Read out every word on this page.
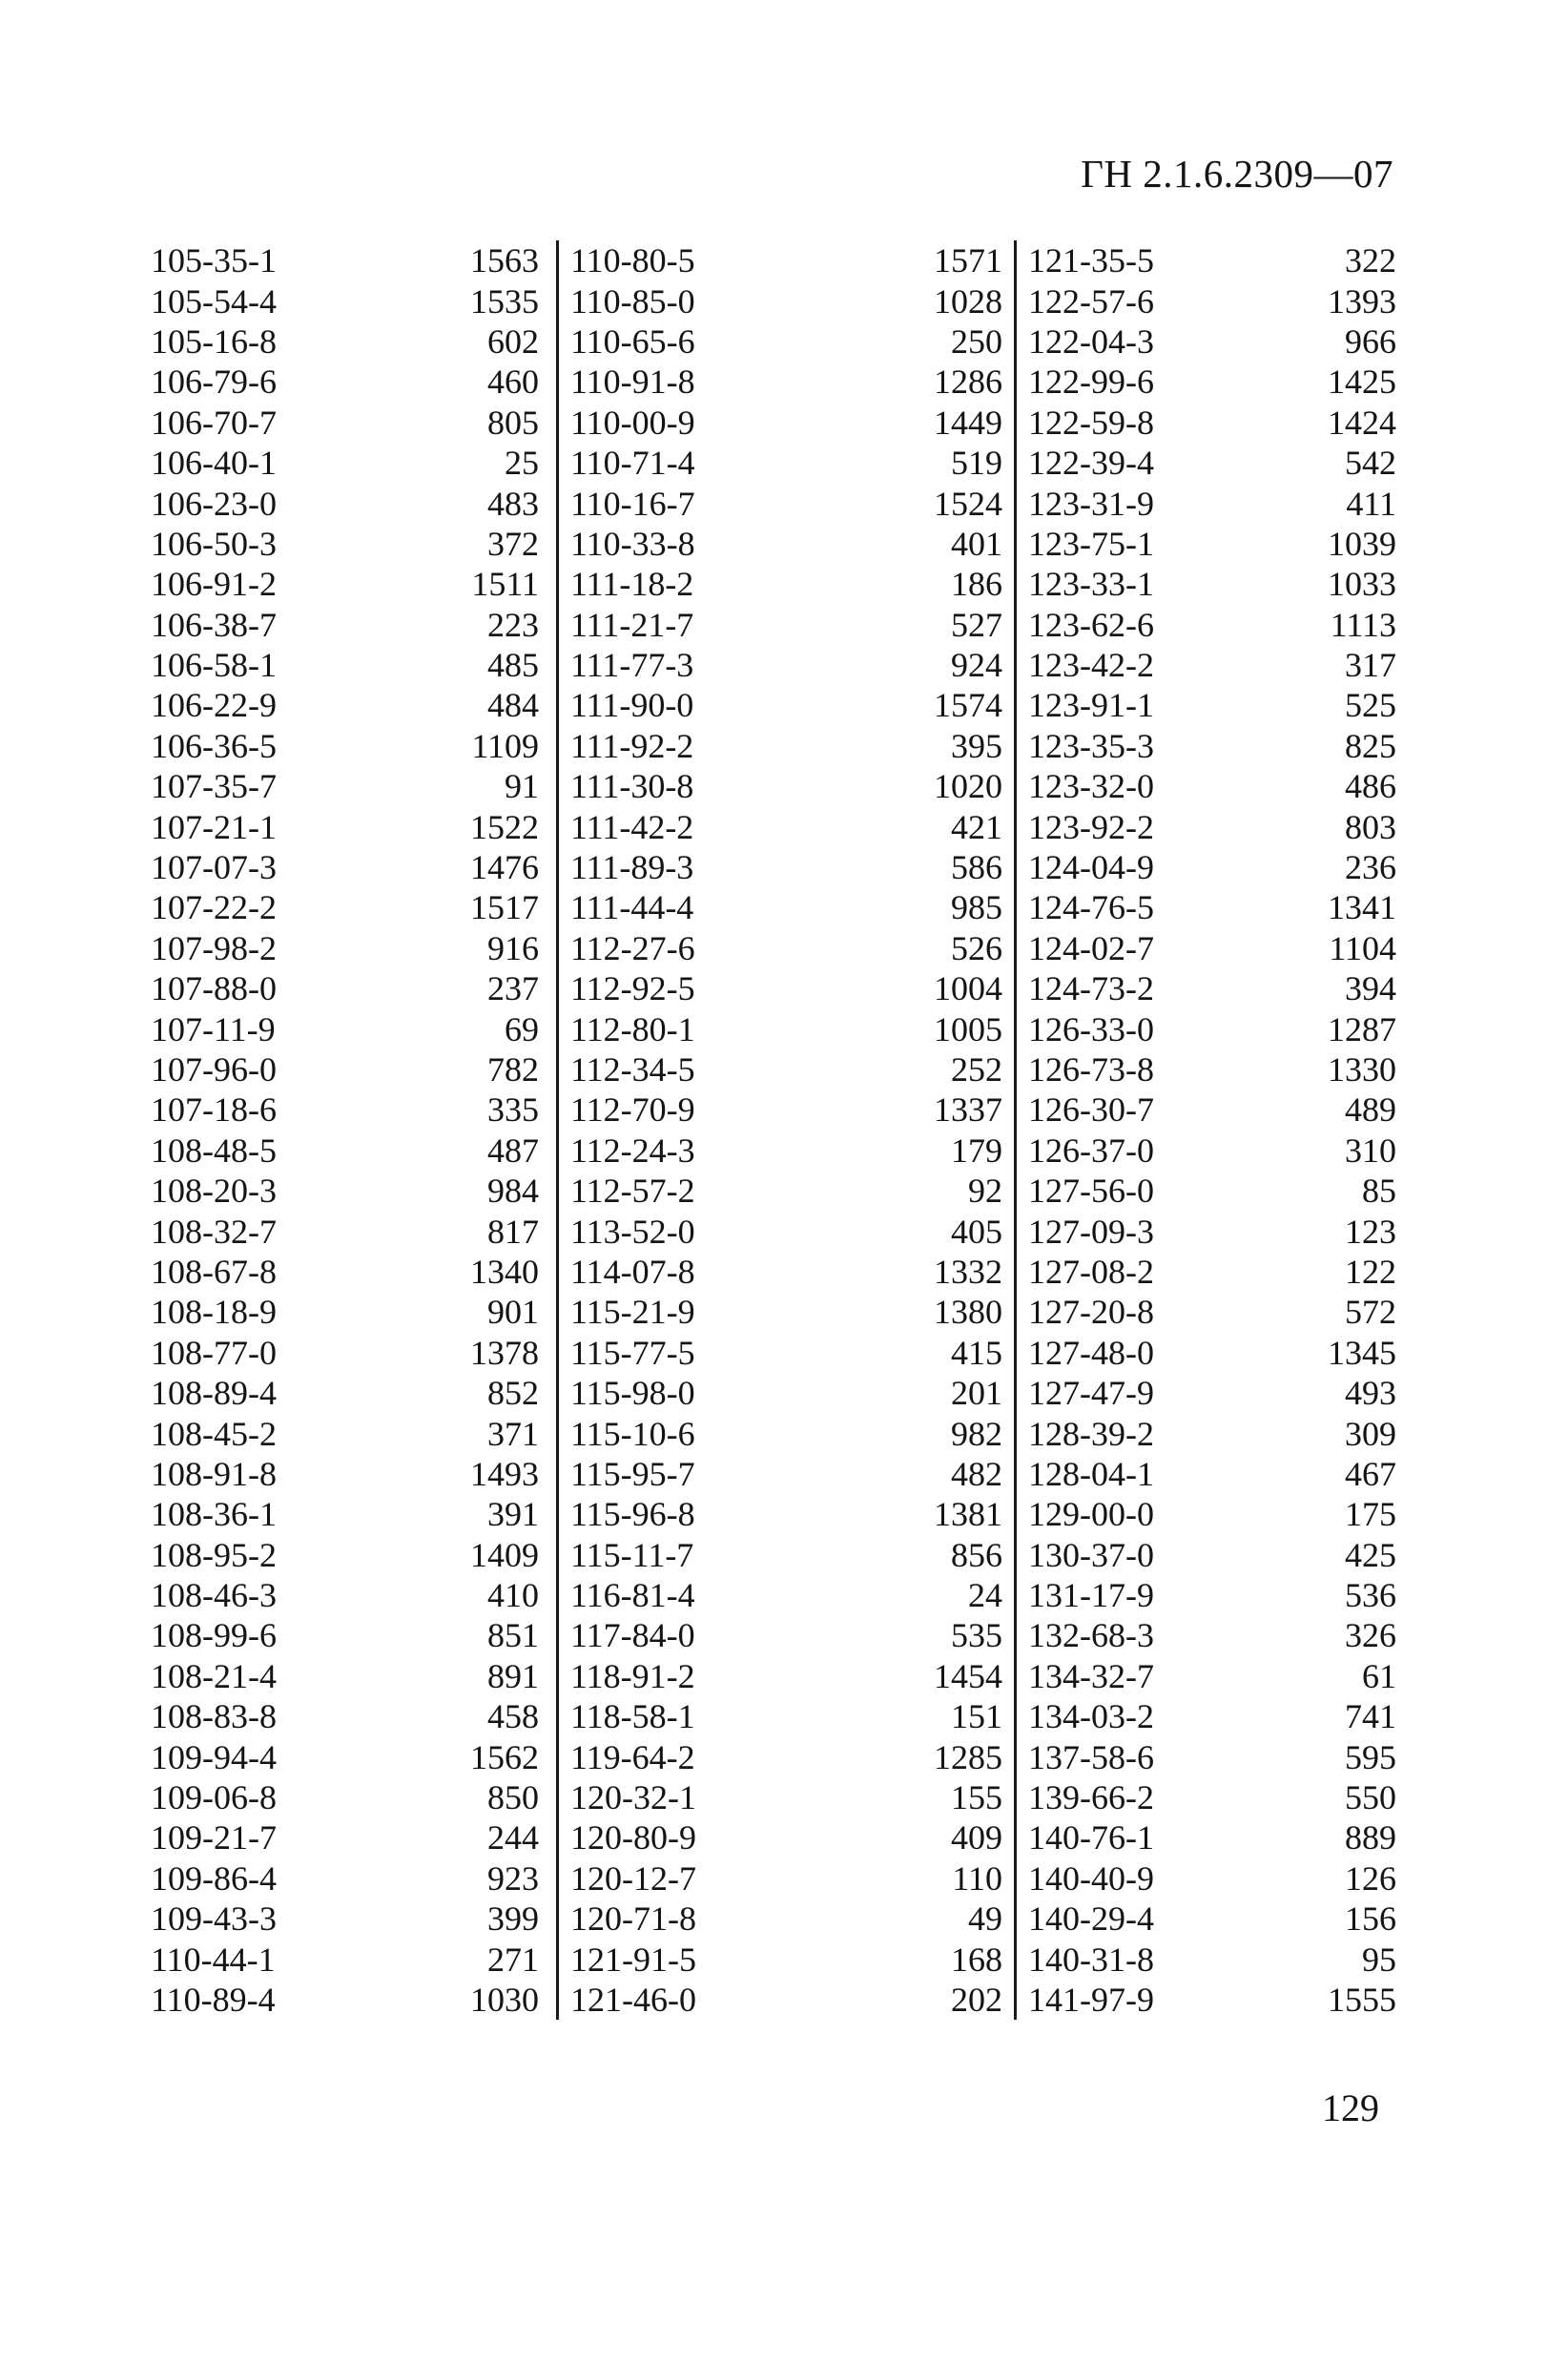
ГН 2.1.6.2309—07
105-35-1
105-54-4
105-16-8
106-79-6
106-70-7
106-40-1
106-23-0
106-50-3
106-91-2
106-38-7
106-58-1
106-22-9
106-36-5
107-35-7
107-21-1
107-07-3
107-22-2
107-98-2
107-88-0
107-11-9
107-96-0
107-18-6
108-48-5
108-20-3
108-32-7
108-67-8
108-18-9
108-77-0
108-89-4
108-45-2
108-91-8
108-36-1
108-95-2
108-46-3
108-99-6
108-21-4
108-83-8
109-94-4
109-06-8
109-21-7
109-86-4
109-43-3
110-44-1
110-89-4
1563
1535
602
460
805
25
483
372
1511
223
485
484
1109
91
1522
1476
1517
916
237
69
782
335
487
984
817
1340
901
1378
852
371
1493
391
1409
410
851
891
458
1562
850
244
923
399
271
1030
110-80-5
110-85-0
110-65-6
110-91-8
110-00-9
110-71-4
110-16-7
110-33-8
111-18-2
111-21-7
111-77-3
111-90-0
111-92-2
111-30-8
111-42-2
111-89-3
111-44-4
112-27-6
112-92-5
112-80-1
112-34-5
112-70-9
112-24-3
112-57-2
113-52-0
114-07-8
115-21-9
115-77-5
115-98-0
115-10-6
115-95-7
115-96-8
115-11-7
116-81-4
117-84-0
118-91-2
118-58-1
119-64-2
120-32-1
120-80-9
120-12-7
120-71-8
121-91-5
121-46-0
1571
1028
250
1286
1449
519
1524
401
186
527
924
1574
395
1020
421
586
985
526
1004
1005
252
1337
179
92
405
1332
1380
415
201
982
482
1381
856
24
535
1454
151
1285
155
409
110
49
168
202
121-35-5
122-57-6
122-04-3
122-99-6
122-59-8
122-39-4
123-31-9
123-75-1
123-33-1
123-62-6
123-42-2
123-91-1
123-35-3
123-32-0
123-92-2
124-04-9
124-76-5
124-02-7
124-73-2
126-33-0
126-73-8
126-30-7
126-37-0
127-56-0
127-09-3
127-08-2
127-20-8
127-48-0
127-47-9
128-39-2
128-04-1
129-00-0
130-37-0
131-17-9
132-68-3
134-32-7
134-03-2
137-58-6
139-66-2
140-76-1
140-40-9
140-29-4
140-31-8
141-97-9
322
1393
966
1425
1424
542
411
1039
1033
1113
317
525
825
486
803
236
1341
1104
394
1287
1330
489
310
85
123
122
572
1345
493
309
467
175
425
536
326
61
741
595
550
889
126
156
95
1555
129
